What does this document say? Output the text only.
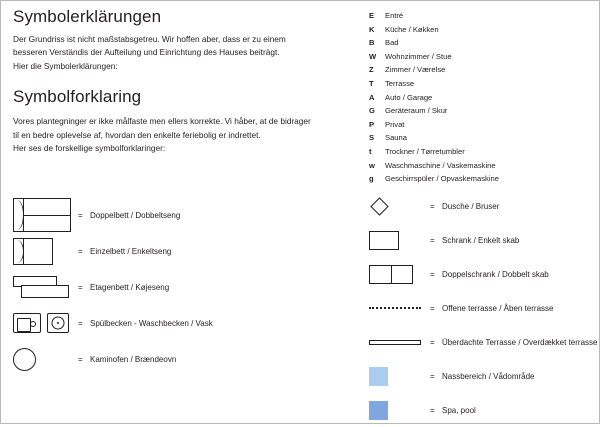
Symbolerklärungen

Der Grundriss ist nicht maßstabsgetreu. Wir hoffen aber, dass er zu einem
besseren Verständis der Aufteilung und Einrichtung des Hauses beiträgt.
Hier die Symbolerklärungen:

Symbolforklaring

Vores plantegninger er ikke målfaste men ellers korrekte. Vi håber, at de bidrager
til en bedre oplevelse af, hvordan den enkelte feriebolig er indrettet.
Her ses de forskellige symbolforklaringer:

= Doppelbett / Dobbeltseng
= Einzelbett / Enkeltseng
= Etagenbett / Køjeseng
= Spülbecken - Waschbecken / Vask
= Kaminofen / Brændeovn
E	Entré
K	Küche / Køkken
B	Bad
W	Wohnzimmer / Stue
Z	Zimmer / Værelse
T	Terrasse
A	Auto / Garage
G	Geräteraum / Skur
P	Privat
S	Sauna
t	Trockner / Tørretumbler
w	Waschmaschine / Vaskemaskine
g	Geschirrspüler / Opvaskemaskine
= Dusche / Bruser
= Schrank / Enkelt skab
= Doppelschrank / Dobbelt skab
= Offene terrasse / Åben terrasse
= Überdachte Terrasse / Overdækket terrasse
= Nassbereich / Vådområde
= Spa, pool
